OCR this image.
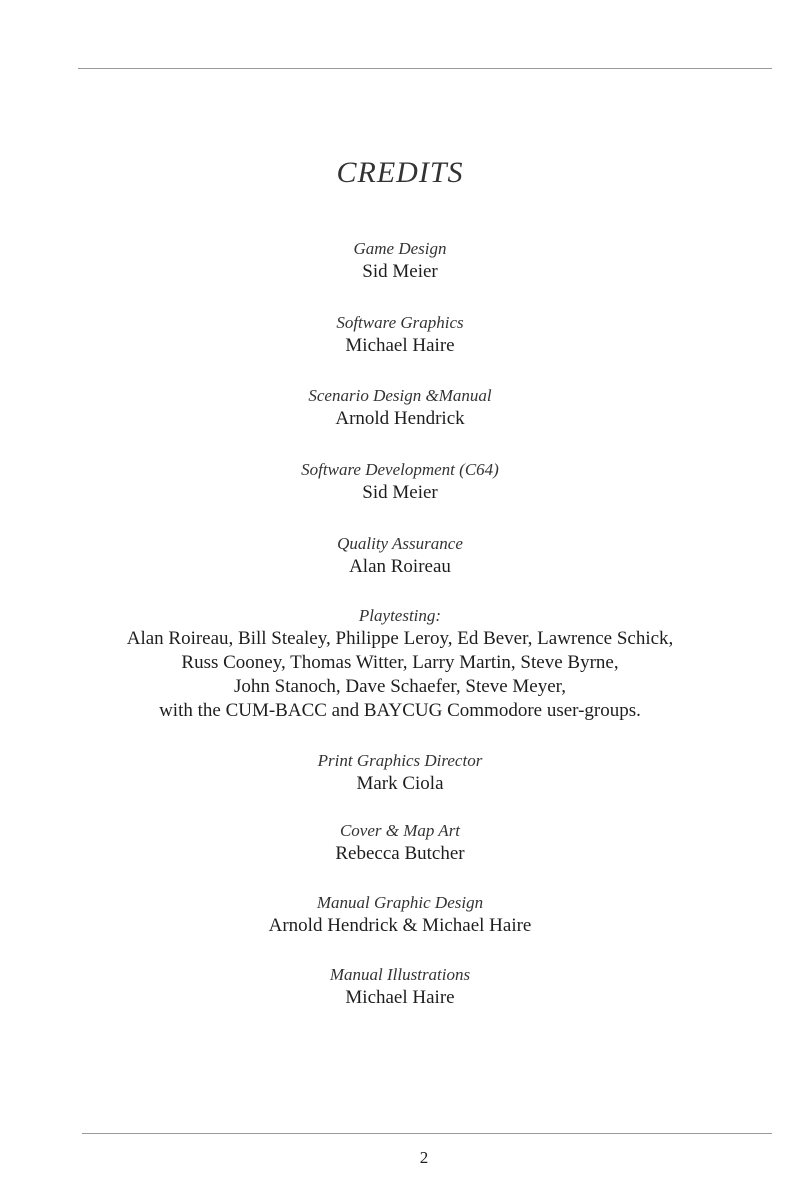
CREDITS

Game Design

Sid Meier

Software Graphics

Michael Haire

Scenario Design &Manual

Arnold Hendrick

Software Development (C64)

Sid Meier

Quality Assurance

Alan Roireau

Playtesting:

Alan Roireau, Bill Stealey, Philippe Leroy, Ed Bever, Lawrence Schick,

Russ Cooney, Thomas Witter, Larry Martin, Steve Byrne,

John Stanoch, Dave Schaefer, Steve Meyer,

with the CUM-BACC and BAYCUG Commodore user-groups.

Print Graphics Director

Mark Ciola

Cover & Map Art

Rebecca Butcher

Manual Graphic Design

Arnold Hendrick & Michael Haire

Manual Illustrations

Michael Haire

2
